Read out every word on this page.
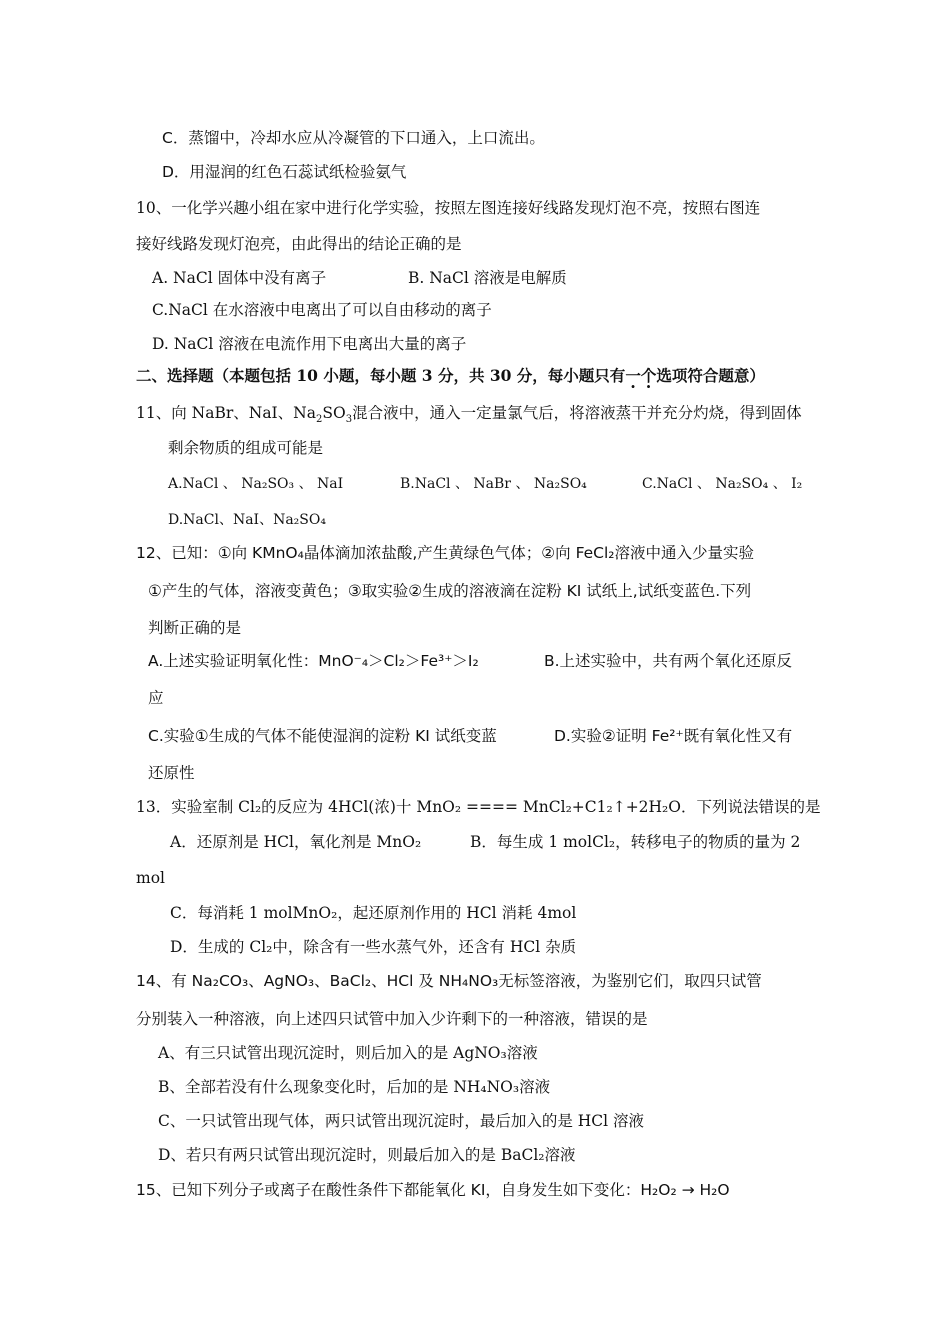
C．蒸馏中，冷却水应从冷凝管的下口通入，上口流出。
D．用湿润的红色石蕊试纸检验氨气
10、一化学兴趣小组在家中进行化学实验，按照左图连接好线路发现灯泡不亮，按照右图连
接好线路发现灯泡亮，由此得出的结论正确的是
A. NaCl 固体中没有离子	B. NaCl 溶液是电解质
C.NaCl 在水溶液中电离出了可以自由移动的离子
D. NaCl 溶液在电流作用下电离出大量的离子
二、选择题（本题包括 10 小题，每小题 3 分，共 30 分，每小题只有一个选项符合题意）
11、向 NaBr、NaI、$Na_2SO_3$混合液中，通入一定量氯气后，将溶液蒸干并充分灼烧，得到固体
剩余物质的组成可能是
A.NaCl 、 Na₂SO₃ 、 NaI	B.NaCl 、 NaBr 、 Na₂SO₄	C.NaCl 、 Na₂SO₄ 、 I₂
D.NaCl、NaI、Na₂SO₄
12、已知：①向 KMnO₄晶体滴加浓盐酸,产生黄绿色气体；②向 FeCl₂溶液中通入少量实验
①产生的气体，溶液变黄色；③取实验②生成的溶液滴在淀粉 KI 试纸上,试纸变蓝色.下列
判断正确的是
A.上述实验证明氧化性：MnO⁻₄＞Cl₂＞Fe³⁺＞I₂	B.上述实验中，共有两个氧化还原反
应
C.实验①生成的气体不能使湿润的淀粉 KI 试纸变蓝	D.实验②证明 Fe²⁺既有氧化性又有
还原性
13．实验室制 Cl₂的反应为 4HCl(浓)十 MnO₂ ==== MnCl₂+C1₂↑+2H₂O．下列说法错误的是
A．还原剂是 HCl，氧化剂是 MnO₂	B．每生成 1 molCl₂，转移电子的物质的量为 2
mol
C．每消耗 1 molMnO₂，起还原剂作用的 HCl 消耗 4mol
D．生成的 Cl₂中，除含有一些水蒸气外，还含有 HCl 杂质
14、有 Na₂CO₃、AgNO₃、BaCl₂、HCl 及 NH₄NO₃无标签溶液，为鉴别它们，取四只试管
分别装入一种溶液，向上述四只试管中加入少许剩下的一种溶液，错误的是
A、有三只试管出现沉淀时，则后加入的是 AgNO₃溶液
B、全部若没有什么现象变化时，后加的是 NH₄NO₃溶液
C、一只试管出现气体，两只试管出现沉淀时，最后加入的是 HCl 溶液
D、若只有两只试管出现沉淀时，则最后加入的是 BaCl₂溶液
15、已知下列分子或离子在酸性条件下都能氧化 KI，自身发生如下变化：H₂O₂ → H₂O
